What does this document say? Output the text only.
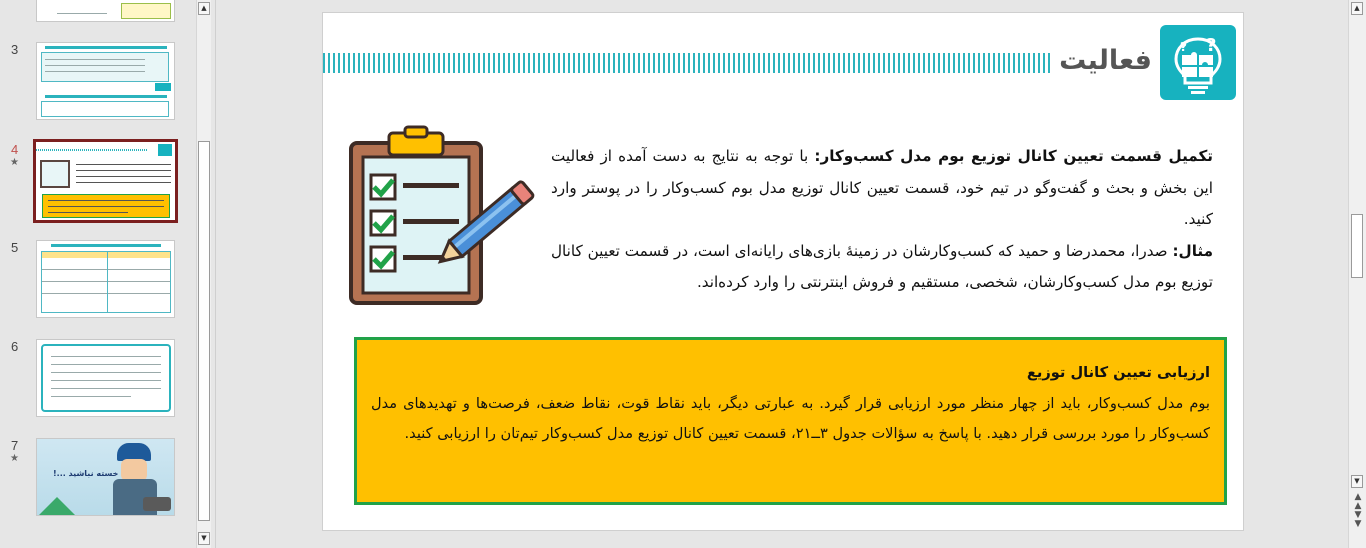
3
4
★
5
6
7
★
خسته نباشید ...!
▲
▼
فعالیت	?
?

تکمیل قسمت تعیین کانال توزیع بوم مدل کسب‌وکار: با توجه به نتایج به دست آمده از فعالیت این بخش و بحث و گفت‌وگو در تیم خود، قسمت تعیین کانال توزیع مدل بوم کسب‌وکار را در پوستر وارد کنید.

مثال: صدرا، محمدرضا و حمید که کسب‌وکارشان در زمینهٔ بازی‌های رایانه‌ای است، در قسمت تعیین کانال توزیع بوم مدل کسب‌وکارشان، شخصی، مستقیم و فروش اینترنتی را وارد کرده‌اند.

ارزیابی تعیین کانال توزیع
بوم مدل کسب‌وکار، باید از چهار منظر مورد ارزیابی قرار گیرد. به عبارتی دیگر، باید نقاط قوت، نقاط ضعف، فرصت‌ها و تهدیدهای مدل کسب‌وکار را مورد بررسی قرار دهید. با پاسخ به سؤالات جدول ۳ــ۲۱، قسمت تعیین کانال توزیع مدل کسب‌وکار تیم‌تان را ارزیابی کنید.
▲
▼
▲
▲
▼
▼
